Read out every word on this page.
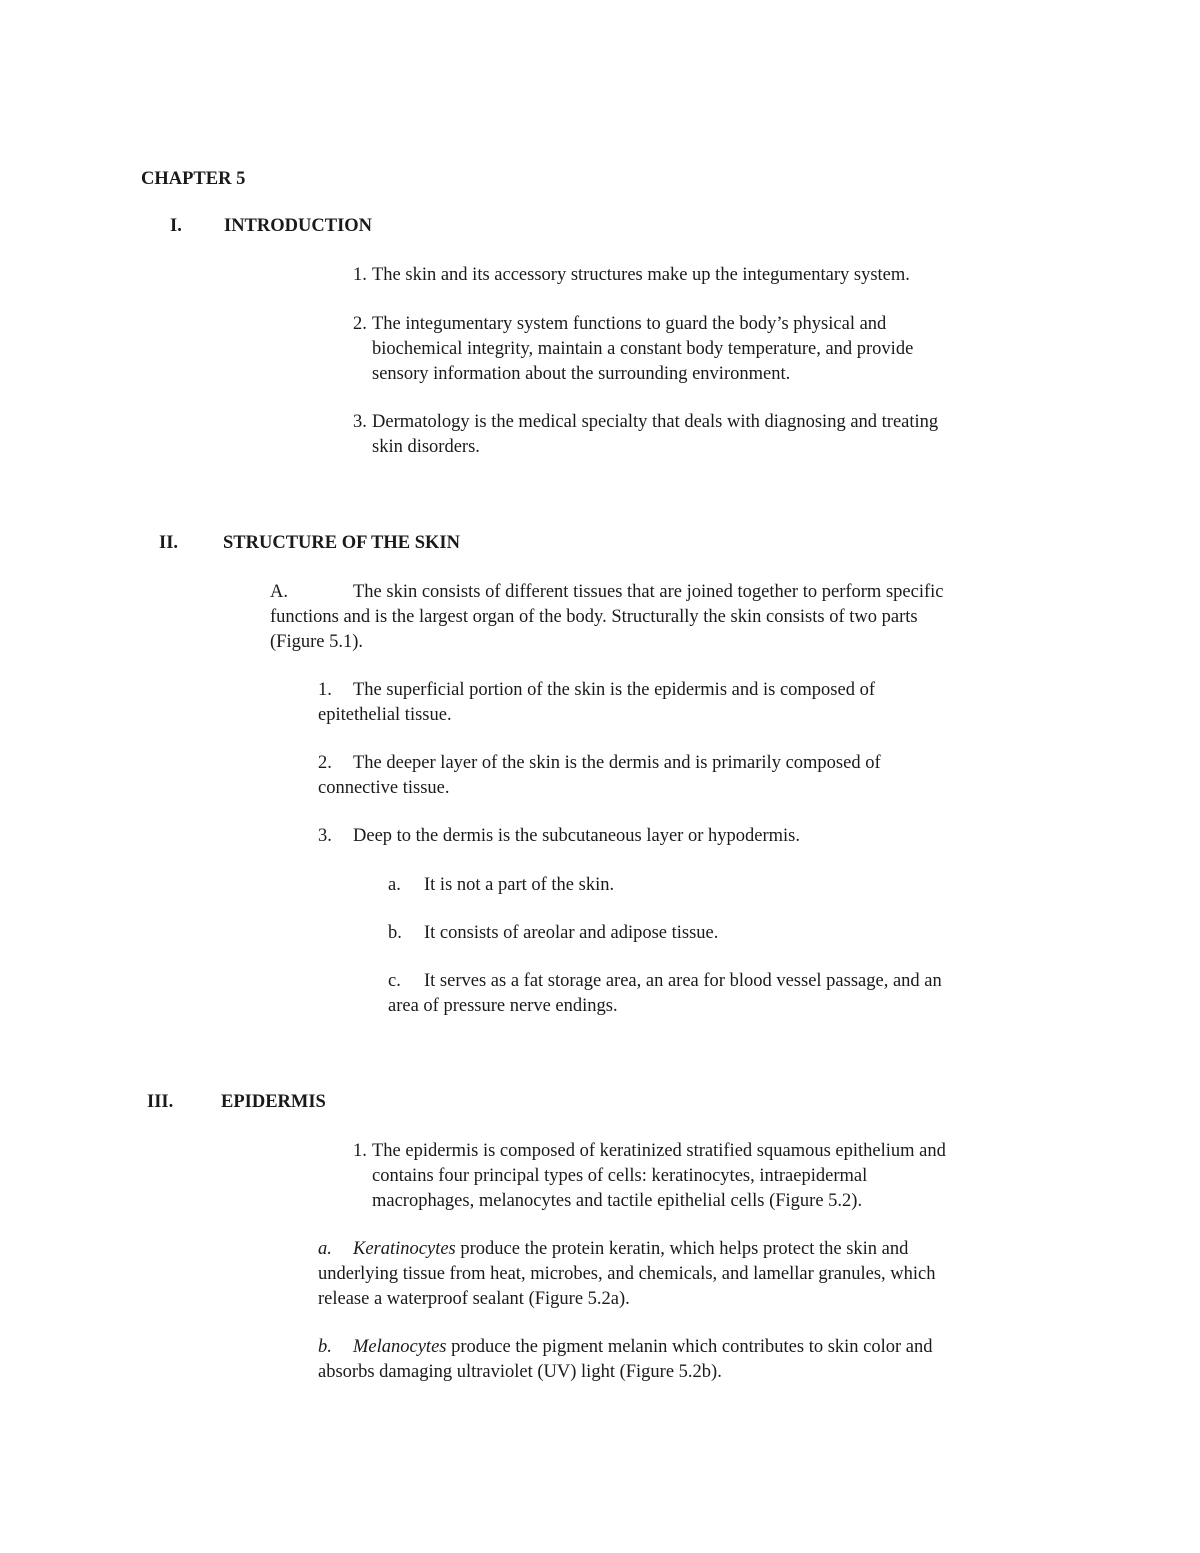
CHAPTER 5
I. INTRODUCTION
1. The skin and its accessory structures make up the integumentary system.
2. The integumentary system functions to guard the body’s physical and
biochemical integrity, maintain a constant body temperature, and provide
sensory information about the surrounding environment.
3. Dermatology is the medical specialty that deals with diagnosing and treating
skin disorders.
II. STRUCTURE OF THE SKIN
A.	The skin consists of different tissues that are joined together to perform specific
functions and is the largest organ of the body. Structurally the skin consists of two parts
(Figure 5.1).
1. The superficial portion of the skin is the epidermis and is composed of
epitethelial tissue.
2. The deeper layer of the skin is the dermis and is primarily composed of
connective tissue.
3. Deep to the dermis is the subcutaneous layer or hypodermis.
a. It is not a part of the skin.
b. It consists of areolar and adipose tissue.
c. It serves as a fat storage area, an area for blood vessel passage, and an
area of pressure nerve endings.
III.	EPIDERMIS
1. The epidermis is composed of keratinized stratified squamous epithelium and
contains four principal types of cells: keratinocytes, intraepidermal
macrophages, melanocytes and tactile epithelial cells (Figure 5.2).
a. Keratinocytes produce the protein keratin, which helps protect the skin and
underlying tissue from heat, microbes, and chemicals, and lamellar granules, which
release a waterproof sealant (Figure 5.2a).
b. Melanocytes produce the pigment melanin which contributes to skin color and
absorbs damaging ultraviolet (UV) light (Figure 5.2b).
